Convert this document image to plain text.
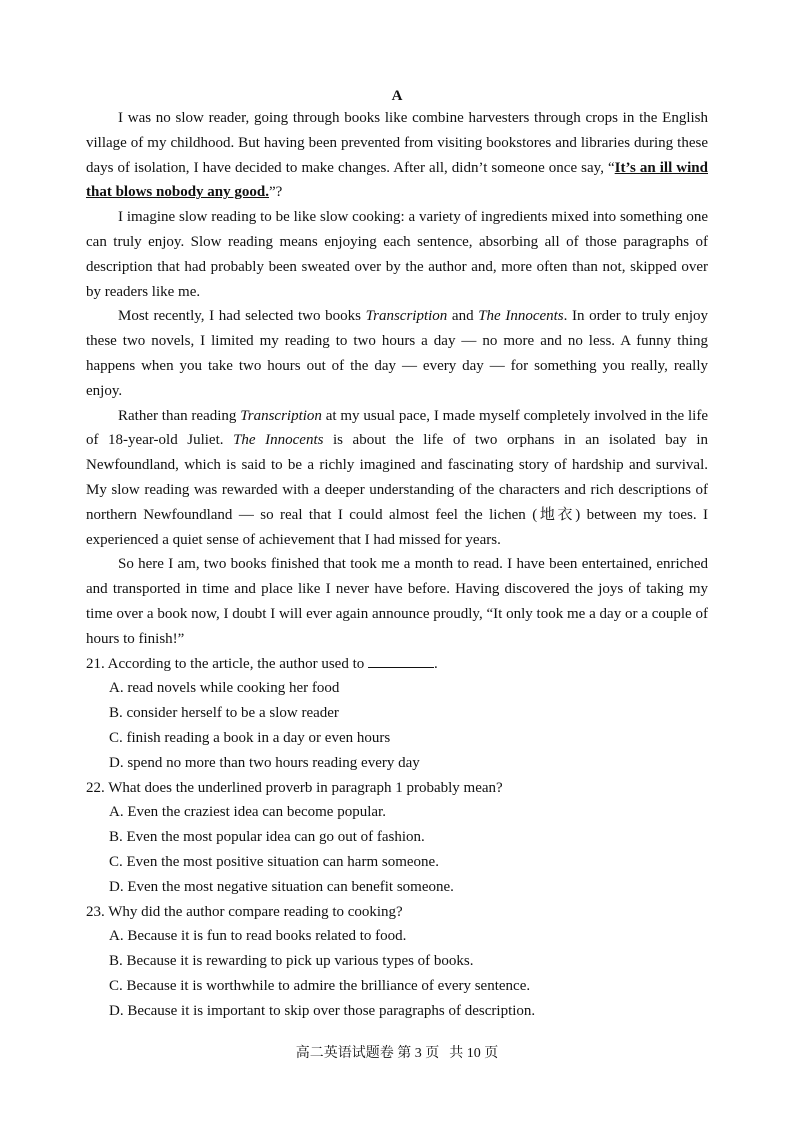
A

I was no slow reader, going through books like combine harvesters through crops in the English village of my childhood. But having been prevented from visiting bookstores and libraries during these days of isolation, I have decided to make changes. After all, didn’t someone once say, “It’s an ill wind that blows nobody any good.”?

I imagine slow reading to be like slow cooking: a variety of ingredients mixed into something one can truly enjoy. Slow reading means enjoying each sentence, absorbing all of those paragraphs of description that had probably been sweated over by the author and, more often than not, skipped over by readers like me.

Most recently, I had selected two books Transcription and The Innocents. In order to truly enjoy these two novels, I limited my reading to two hours a day — no more and no less. A funny thing happens when you take two hours out of the day — every day — for something you really, really enjoy.

Rather than reading Transcription at my usual pace, I made myself completely involved in the life of 18-year-old Juliet. The Innocents is about the life of two orphans in an isolated bay in Newfoundland, which is said to be a richly imagined and fascinating story of hardship and survival. My slow reading was rewarded with a deeper understanding of the characters and rich descriptions of northern Newfoundland — so real that I could almost feel the lichen (地衣) between my toes. I experienced a quiet sense of achievement that I had missed for years.

So here I am, two books finished that took me a month to read. I have been entertained, enriched and transported in time and place like I never have before. Having discovered the joys of taking my time over a book now, I doubt I will ever again announce proudly, “It only took me a day or a couple of hours to finish!”

21. According to the article, the author used to	.

A. read novels while cooking her food

B. consider herself to be a slow reader

C. finish reading a book in a day or even hours

D. spend no more than two hours reading every day

22. What does the underlined proverb in paragraph 1 probably mean?

A. Even the craziest idea can become popular.

B. Even the most popular idea can go out of fashion.

C. Even the most positive situation can harm someone.

D. Even the most negative situation can benefit someone.

23. Why did the author compare reading to cooking?

A. Because it is fun to read books related to food.

B. Because it is rewarding to pick up various types of books.

C. Because it is worthwhile to admire the brilliance of every sentence.

D. Because it is important to skip over those paragraphs of description.

高二英语试题卷 第 3 页 共 10 页
